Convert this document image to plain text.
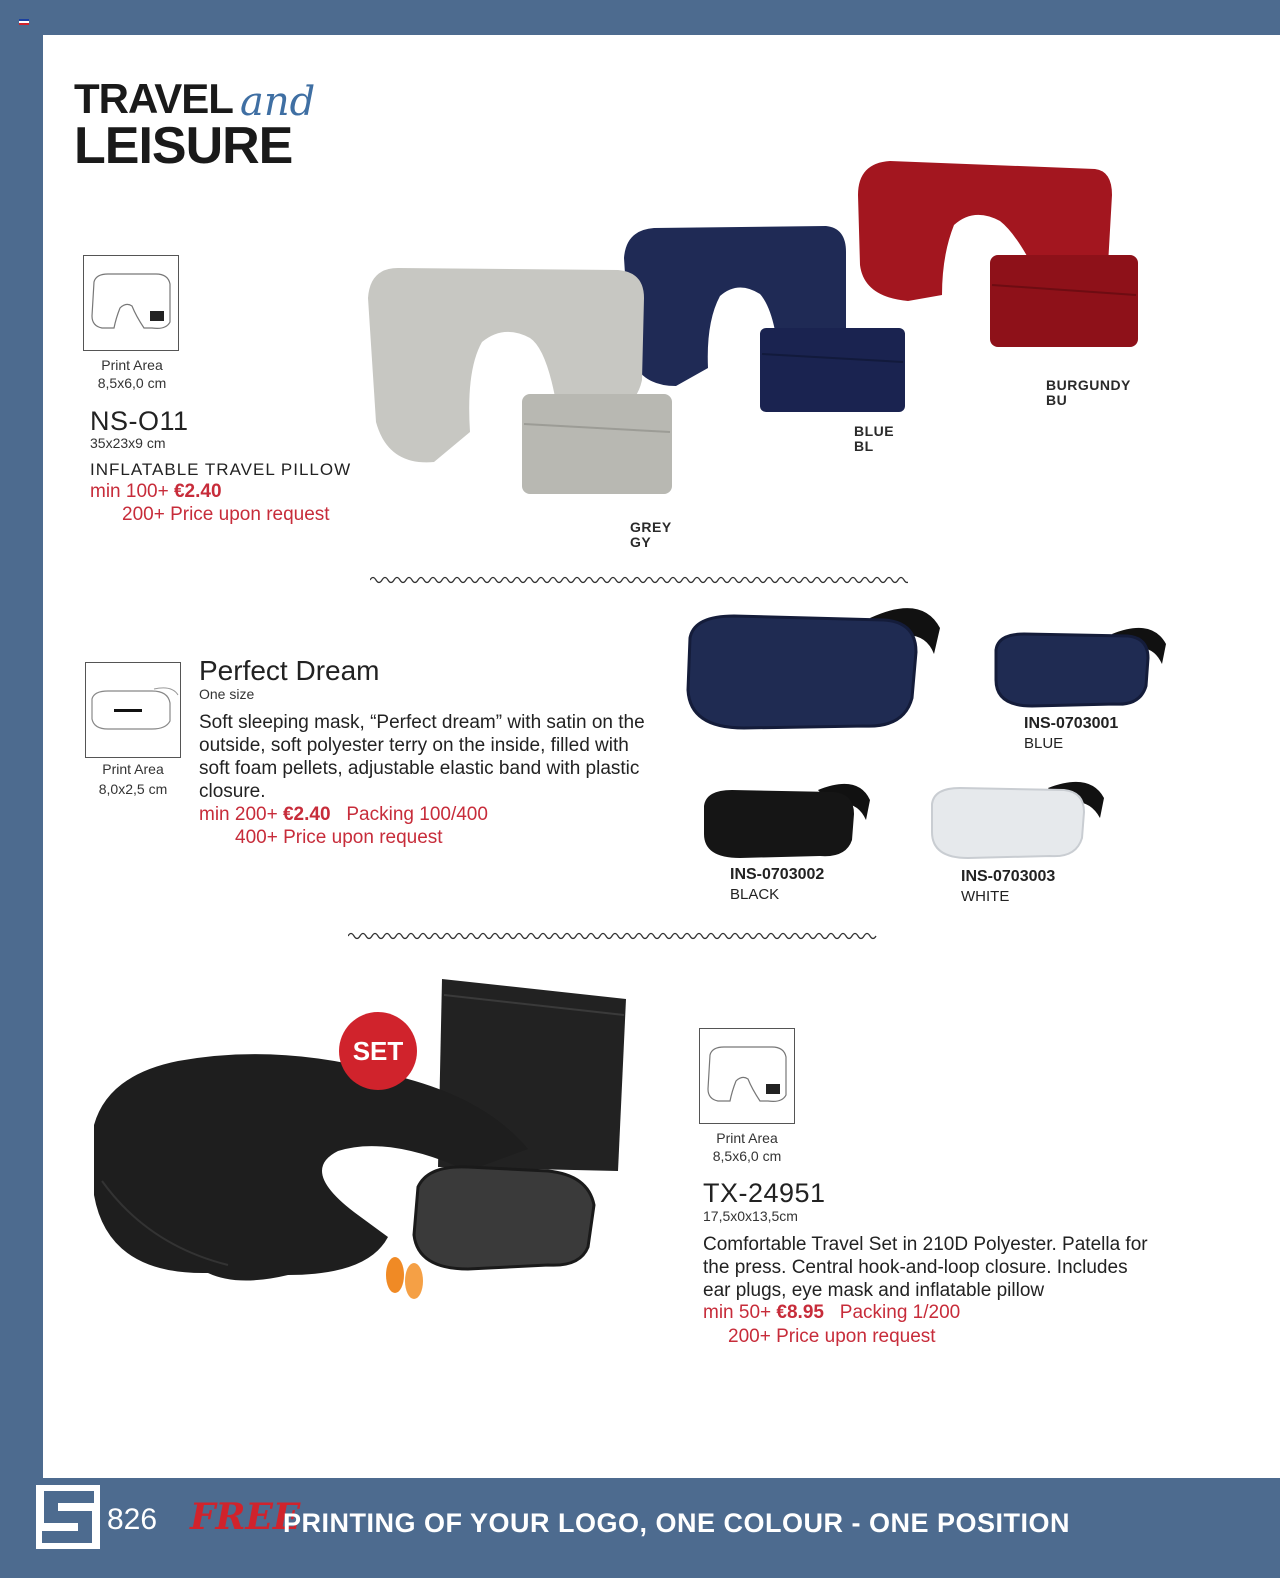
TRAVEL and
LEISURE
Print Area
8,5x6,0 cm
NS-O11
35x23x9 cm
INFLATABLE TRAVEL PILLOW
min 100+ €2.40
200+ Price upon request
GREY
GY
BLUE
BL
BURGUNDY
BU
Print Area
8,0x2,5 cm
Perfect Dream
One size
Soft sleeping mask, “Perfect dream” with satin on the outside, soft polyester terry on the inside, filled with soft foam pellets, adjustable elastic band with plastic closure.
min 200+ €2.40 Packing 100/400
400+ Price upon request
INS-0703001
BLUE
INS-0703002
BLACK
INS-0703003
WHITE
SET
Print Area
8,5x6,0 cm
TX-24951
17,5x0x13,5cm
Comfortable Travel Set in 210D Polyester. Patella for the press. Central hook-and-loop closure. Includes ear plugs, eye mask and inflatable pillow
min 50+ €8.95 Packing 1/200
200+ Price upon request
826 FREE
PRINTING OF YOUR LOGO, ONE COLOUR - ONE POSITION
